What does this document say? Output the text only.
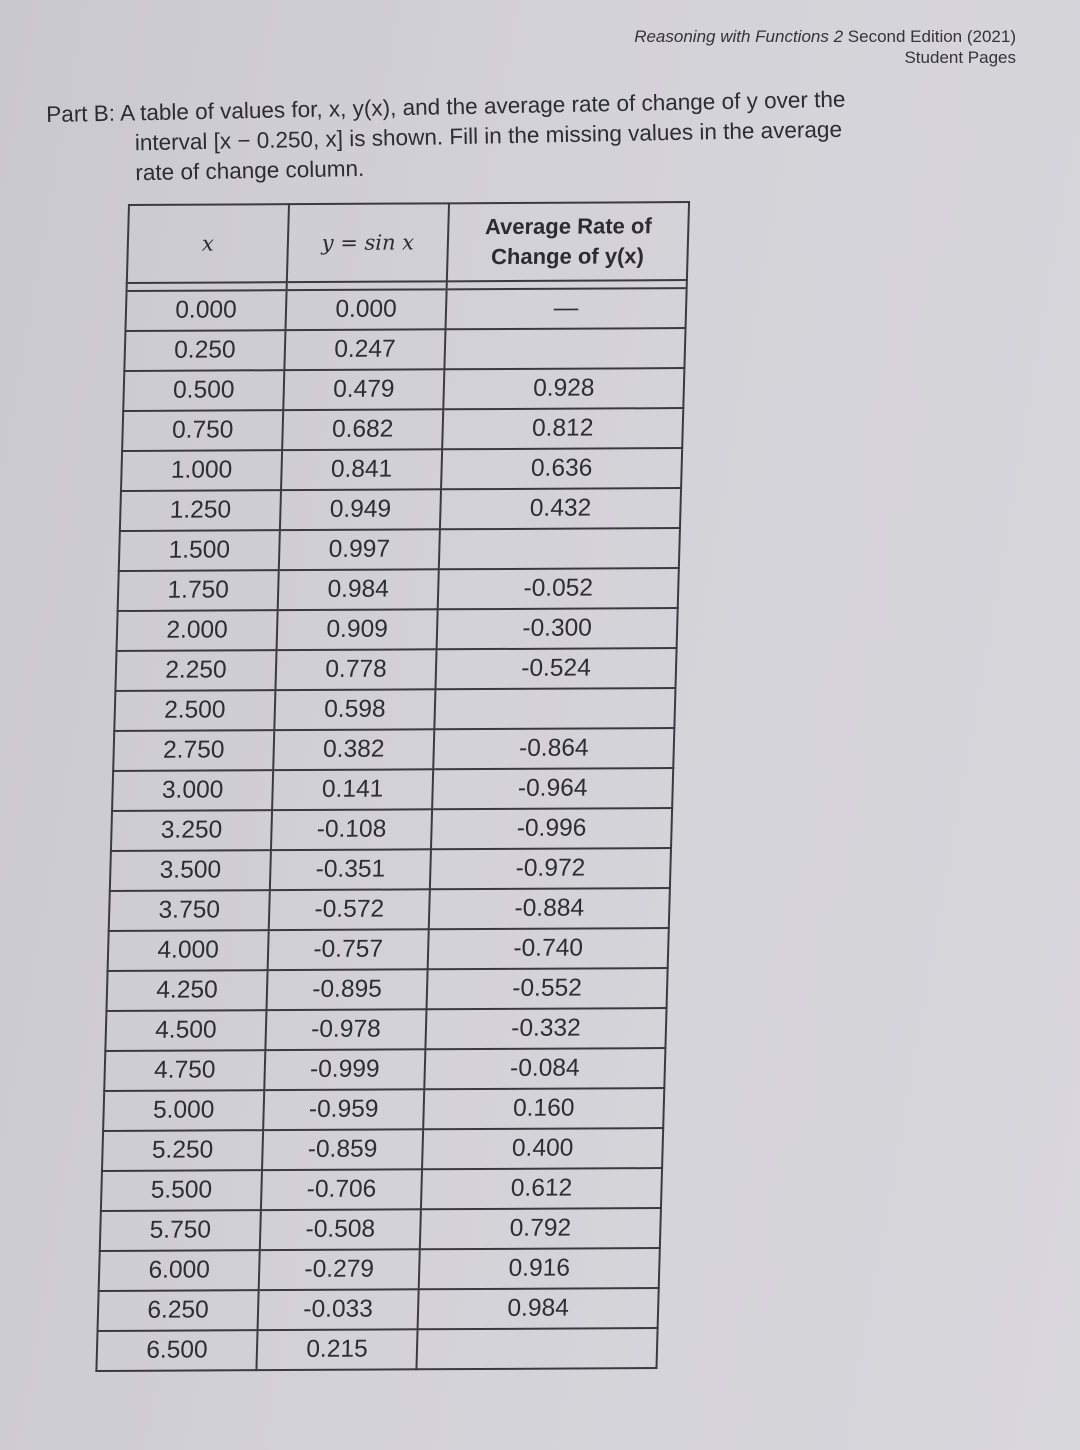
Reasoning with Functions 2 Second Edition (2021)
Student Pages
Part B: A table of values for, x, y(x), and the average rate of change of y over the
interval [x − 0.250, x] is shown. Fill in the missing values in the average
rate of change column.
x	y = sin x	Average Rate of
Change of y(x)

0.000	0.000	—
0.250	0.247	
0.500	0.479	0.928
0.750	0.682	0.812
1.000	0.841	0.636
1.250	0.949	0.432
1.500	0.997	
1.750	0.984	-0.052
2.000	0.909	-0.300
2.250	0.778	-0.524
2.500	0.598	
2.750	0.382	-0.864
3.000	0.141	-0.964
3.250	-0.108	-0.996
3.500	-0.351	-0.972
3.750	-0.572	-0.884
4.000	-0.757	-0.740
4.250	-0.895	-0.552
4.500	-0.978	-0.332
4.750	-0.999	-0.084
5.000	-0.959	0.160
5.250	-0.859	0.400
5.500	-0.706	0.612
5.750	-0.508	0.792
6.000	-0.279	0.916
6.250	-0.033	0.984
6.500	0.215	
